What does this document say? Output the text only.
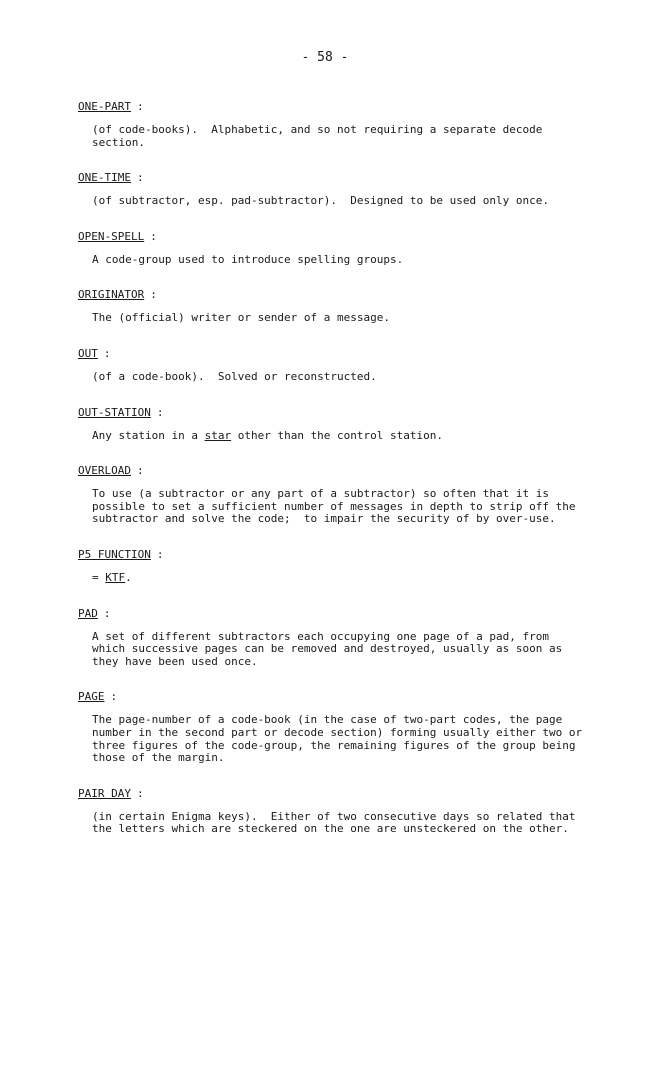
- 58 -
ONE-PART :

(of code-books).  Alphabetic, and so not requiring a separate decode section.

ONE-TIME :

(of subtractor, esp. pad-subtractor).  Designed to be used only once.

OPEN-SPELL :

A code-group used to introduce spelling groups.

ORIGINATOR :

The (official) writer or sender of a message.

OUT :

(of a code-book).  Solved or reconstructed.

OUT-STATION :

Any station in a star other than the control station.

OVERLOAD :

To use (a subtractor or any part of a subtractor) so often that it is possible to set a sufficient number of messages in depth to strip off the subtractor and solve the code;  to impair the security of by over-use.

P5 FUNCTION :

= KTF.

PAD :

A set of different subtractors each occupying one page of a pad, from which successive pages can be removed and destroyed, usually as soon as they have been used once.

PAGE :

The page-number of a code-book (in the case of two-part codes, the page number in the second part or decode section) forming usually either two or three figures of the code-group, the remaining figures of the group being those of the margin.

PAIR DAY :

(in certain Enigma keys).  Either of two consecutive days so related that the letters which are steckered on the one are unsteckered on the other.
